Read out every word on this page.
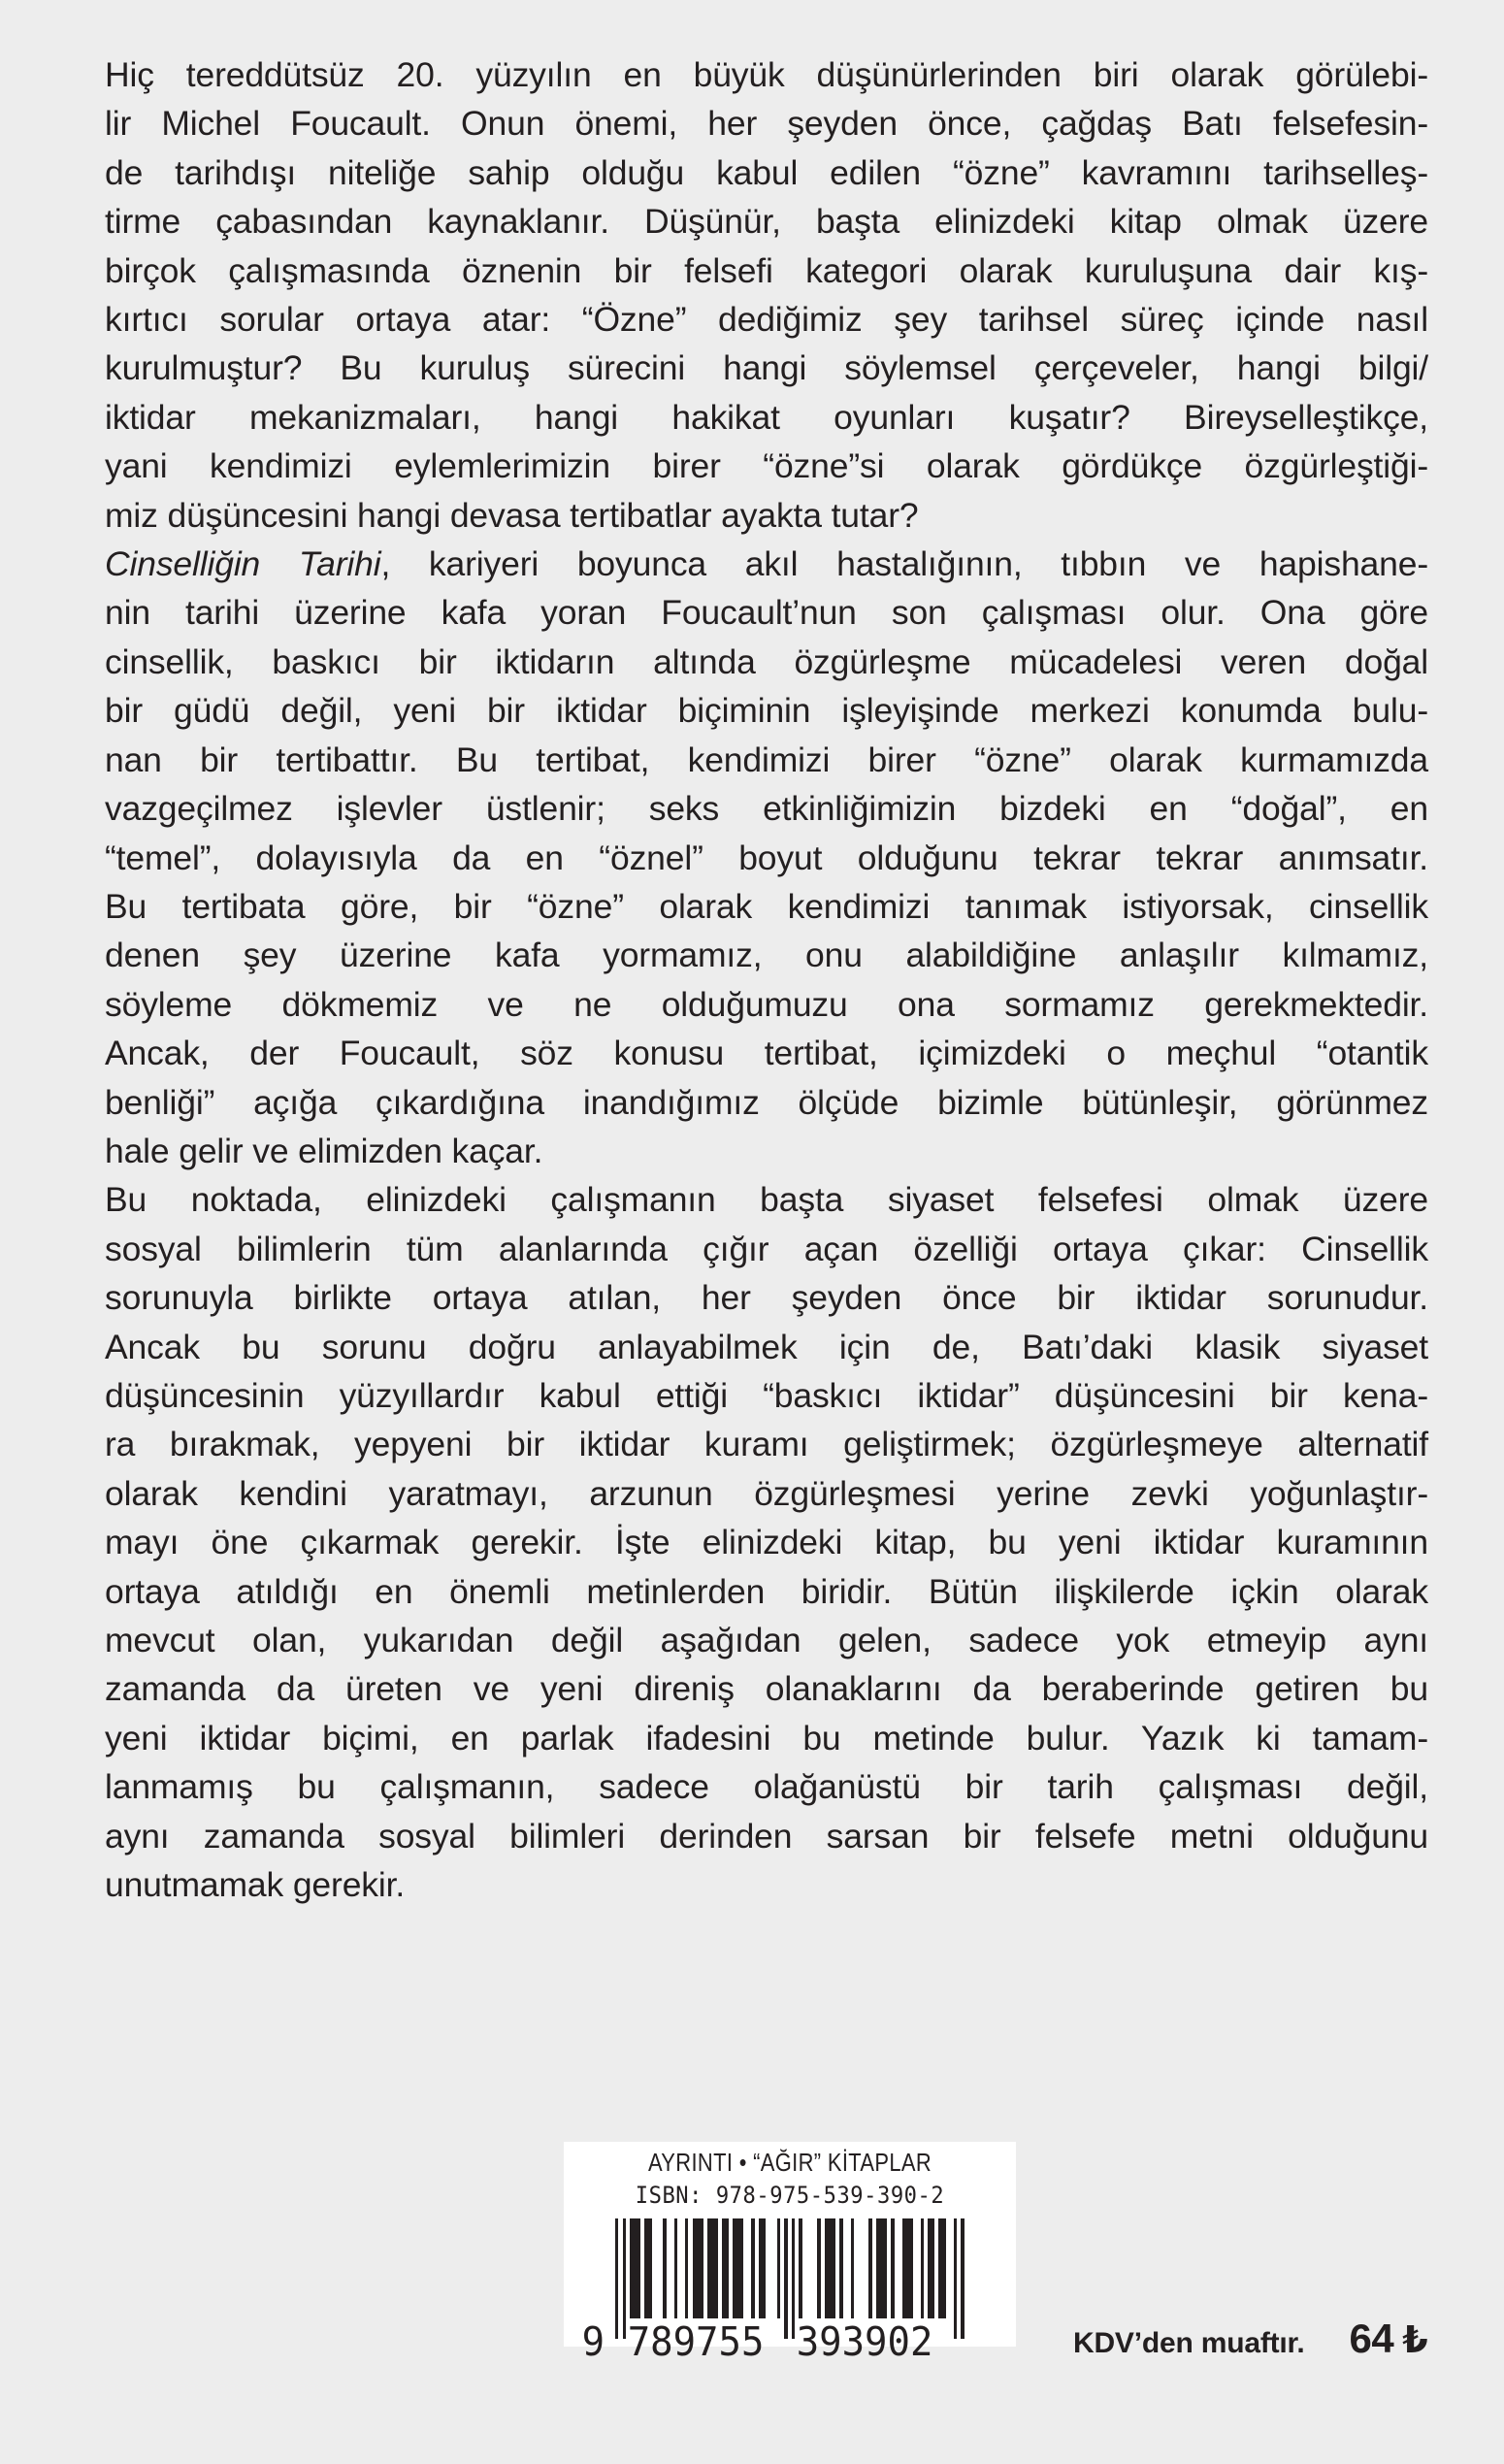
Hiç tereddütsüz 20. yüzyılın en büyük düşünürlerinden biri olarak görülebi-
lir Michel Foucault. Onun önemi, her şeyden önce, çağdaş Batı felsefesin-
de tarihdışı niteliğe sahip olduğu kabul edilen “özne” kavramını tarihselleş-
tirme çabasından kaynaklanır. Düşünür, başta elinizdeki kitap olmak üzere
birçok çalışmasında öznenin bir felsefi kategori olarak kuruluşuna dair kış-
kırtıcı sorular ortaya atar: “Özne” dediğimiz şey tarihsel süreç içinde nasıl
kurulmuştur? Bu kuruluş sürecini hangi söylemsel çerçeveler, hangi bilgi/
iktidar mekanizmaları, hangi hakikat oyunları kuşatır? Bireyselleştikçe,
yani kendimizi eylemlerimizin birer “özne”si olarak gördükçe özgürleştiği-
miz düşüncesini hangi devasa tertibatlar ayakta tutar?
Cinselliğin Tarihi, kariyeri boyunca akıl hastalığının, tıbbın ve hapishane-
nin tarihi üzerine kafa yoran Foucault’nun son çalışması olur. Ona göre
cinsellik, baskıcı bir iktidarın altında özgürleşme mücadelesi veren doğal
bir güdü değil, yeni bir iktidar biçiminin işleyişinde merkezi konumda bulu-
nan bir tertibattır. Bu tertibat, kendimizi birer “özne” olarak kurmamızda
vazgeçilmez işlevler üstlenir; seks etkinliğimizin bizdeki en “doğal”, en
“temel”, dolayısıyla da en “öznel” boyut olduğunu tekrar tekrar anımsatır.
Bu tertibata göre, bir “özne” olarak kendimizi tanımak istiyorsak, cinsellik
denen şey üzerine kafa yormamız, onu alabildiğine anlaşılır kılmamız,
söyleme dökmemiz ve ne olduğumuzu ona sormamız gerekmektedir.
Ancak, der Foucault, söz konusu tertibat, içimizdeki o meçhul “otantik
benliği” açığa çıkardığına inandığımız ölçüde bizimle bütünleşir, görünmez
hale gelir ve elimizden kaçar.
Bu noktada, elinizdeki çalışmanın başta siyaset felsefesi olmak üzere
sosyal bilimlerin tüm alanlarında çığır açan özelliği ortaya çıkar: Cinsellik
sorunuyla birlikte ortaya atılan, her şeyden önce bir iktidar sorunudur.
Ancak bu sorunu doğru anlayabilmek için de, Batı’daki klasik siyaset
düşüncesinin yüzyıllardır kabul ettiği “baskıcı iktidar” düşüncesini bir kena-
ra bırakmak, yepyeni bir iktidar kuramı geliştirmek; özgürleşmeye alternatif
olarak kendini yaratmayı, arzunun özgürleşmesi yerine zevki yoğunlaştır-
mayı öne çıkarmak gerekir. İşte elinizdeki kitap, bu yeni iktidar kuramının
ortaya atıldığı en önemli metinlerden biridir. Bütün ilişkilerde içkin olarak
mevcut olan, yukarıdan değil aşağıdan gelen, sadece yok etmeyip aynı
zamanda da üreten ve yeni direniş olanaklarını da beraberinde getiren bu
yeni iktidar biçimi, en parlak ifadesini bu metinde bulur. Yazık ki tamam-
lanmamış bu çalışmanın, sadece olağanüstü bir tarih çalışması değil,
aynı zamanda sosyal bilimleri derinden sarsan bir felsefe metni olduğunu
unutmamak gerekir.
AYRINTI • “AĞIR” KİTAPLAR
ISBN: 978-975-539-390-2
9 789755 393902	KDV’den muaftır. 64 ₺
